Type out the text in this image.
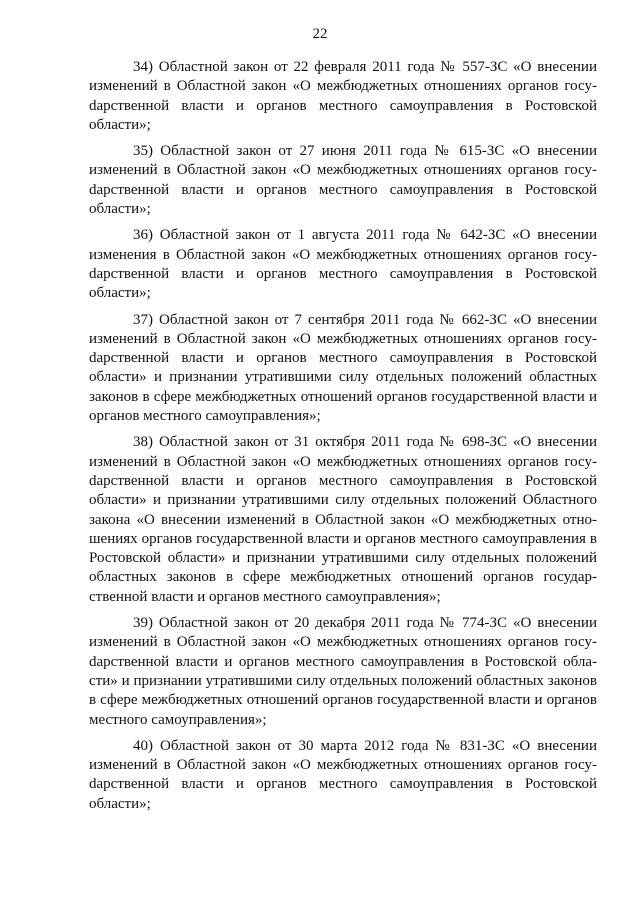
22

34) Областной закон от 22 февраля 2011 года № 557-ЗС «О внесении изменений в Областной закон «О межбюджетных отношениях органов госуdарственной власти и органов местного самоуправления в Ростовской области»;

35) Областной закон от 27 июня 2011 года № 615-ЗС «О внесении изменений в Областной закон «О межбюджетных отношениях органов госуdарственной власти и органов местного самоуправления в Ростовской области»;

36) Областной закон от 1 августа 2011 года № 642-ЗС «О внесении изменения в Областной закон «О межбюджетных отношениях органов госуdарственной власти и органов местного самоуправления в Ростовской области»;

37) Областной закон от 7 сентября 2011 года № 662-ЗС «О внесении изменений в Областной закон «О межбюджетных отношениях органов госуdарственной власти и органов местного самоуправления в Ростовской области» и признании утратившими силу отдельных положений областных законов в сфере межбюджетных отношений органов государственной власти и органов местного самоуправления»;

38) Областной закон от 31 октября 2011 года № 698-ЗС «О внесении изменений в Областной закон «О межбюджетных отношениях органов госуdарственной власти и органов местного самоуправления в Ростовской области» и признании утратившими силу отдельных положений Областного закона «О внесении изменений в Областной закон «О межбюджетных отношениях органов государственной власти и органов местного самоуправления в Ростовской области» и признании утратившими силу отдельных положений областных законов в сфере межбюджетных отношений органов государственной власти и органов местного самоуправления»;

39) Областной закон от 20 декабря 2011 года № 774-ЗС «О внесении изменений в Областной закон «О межбюджетных отношениях органов госуdарственной власти и органов местного самоуправления в Ростовской области» и признании утратившими силу отдельных положений областных законов в сфере межбюджетных отношений органов государственной власти и органов местного самоуправления»;

40) Областной закон от 30 марта 2012 года № 831-ЗС «О внесении изменений в Областной закон «О межбюджетных отношениях органов госуdарственной власти и органов местного самоуправления в Ростовской области»;
